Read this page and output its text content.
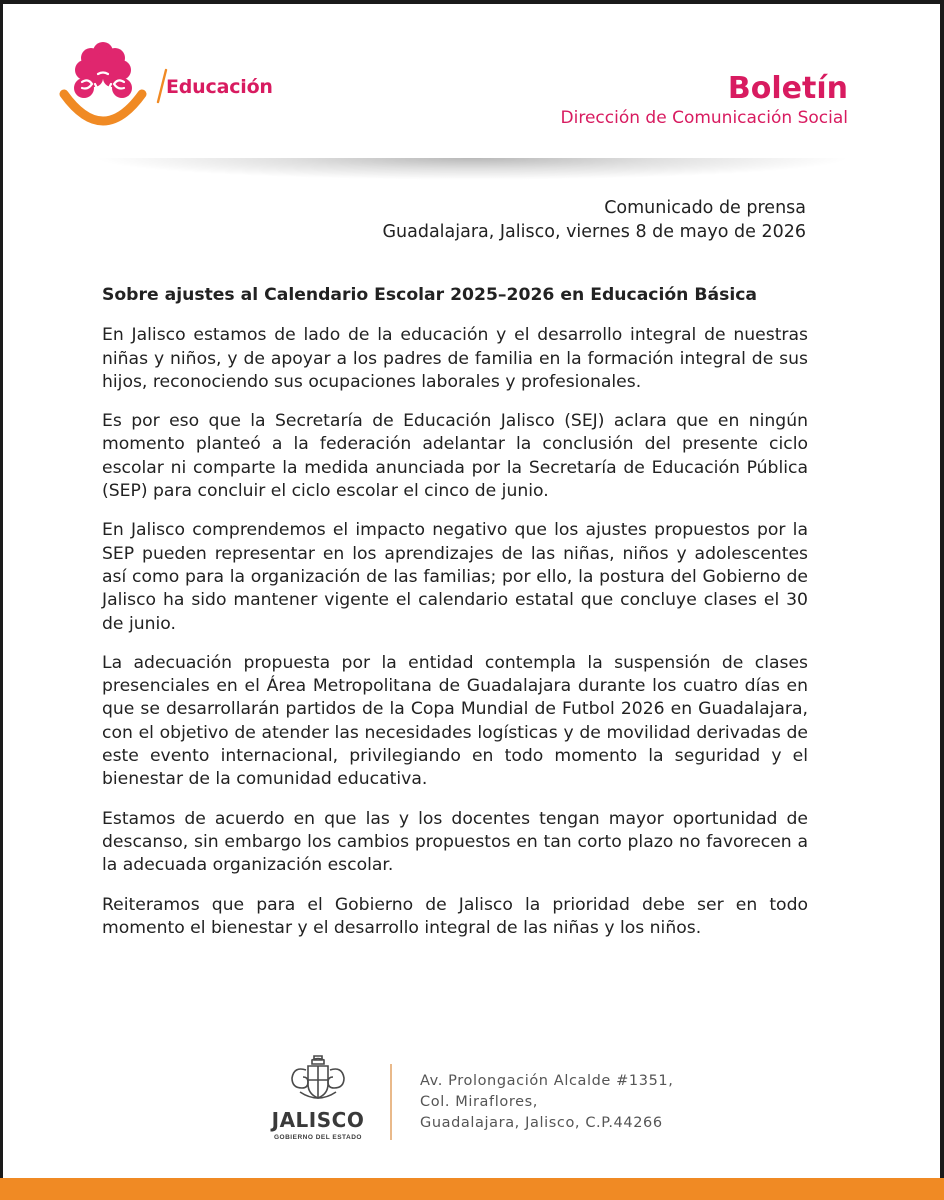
Educación	Boletín
Dirección de Comunicación Social
Comunicado de prensa
Guadalajara, Jalisco, viernes 8 de mayo de 2026

Sobre ajustes al Calendario Escolar 2025–2026 en Educación Básica

En Jalisco estamos de lado de la educación y el desarrollo integral de nuestras niñas y niños, y de apoyar a los padres de familia en la formación integral de sus hijos, reconociendo sus ocupaciones laborales y profesionales.

Es por eso que la Secretaría de Educación Jalisco (SEJ) aclara que en ningún momento planteó a la federación adelantar la conclusión del presente ciclo escolar ni comparte la medida anunciada por la Secretaría de Educación Pública (SEP) para concluir el ciclo escolar el cinco de junio.

En Jalisco comprendemos el impacto negativo que los ajustes propuestos por la SEP pueden representar en los aprendizajes de las niñas, niños y adolescentes así como para la organización de las familias; por ello, la postura del Gobierno de Jalisco ha sido mantener vigente el calendario estatal que concluye clases el 30 de junio.

La adecuación propuesta por la entidad contempla la suspensión de clases presenciales en el Área Metropolitana de Guadalajara durante los cuatro días en que se desarrollarán partidos de la Copa Mundial de Futbol 2026 en Guadalajara, con el objetivo de atender las necesidades logísticas y de movilidad derivadas de este evento internacional, privilegiando en todo momento la seguridad y el bienestar de la comunidad educativa.

Estamos de acuerdo en que las y los docentes tengan mayor oportunidad de descanso, sin embargo los cambios propuestos en tan corto plazo no favorecen a la adecuada organización escolar.

Reiteramos que para el Gobierno de Jalisco la prioridad debe ser en todo momento el bienestar y el desarrollo integral de las niñas y los niños.

JALISCO
GOBIERNO DEL ESTADO
Av. Prolongación Alcalde #1351,
Col. Miraflores,
Guadalajara, Jalisco, C.P.44266
